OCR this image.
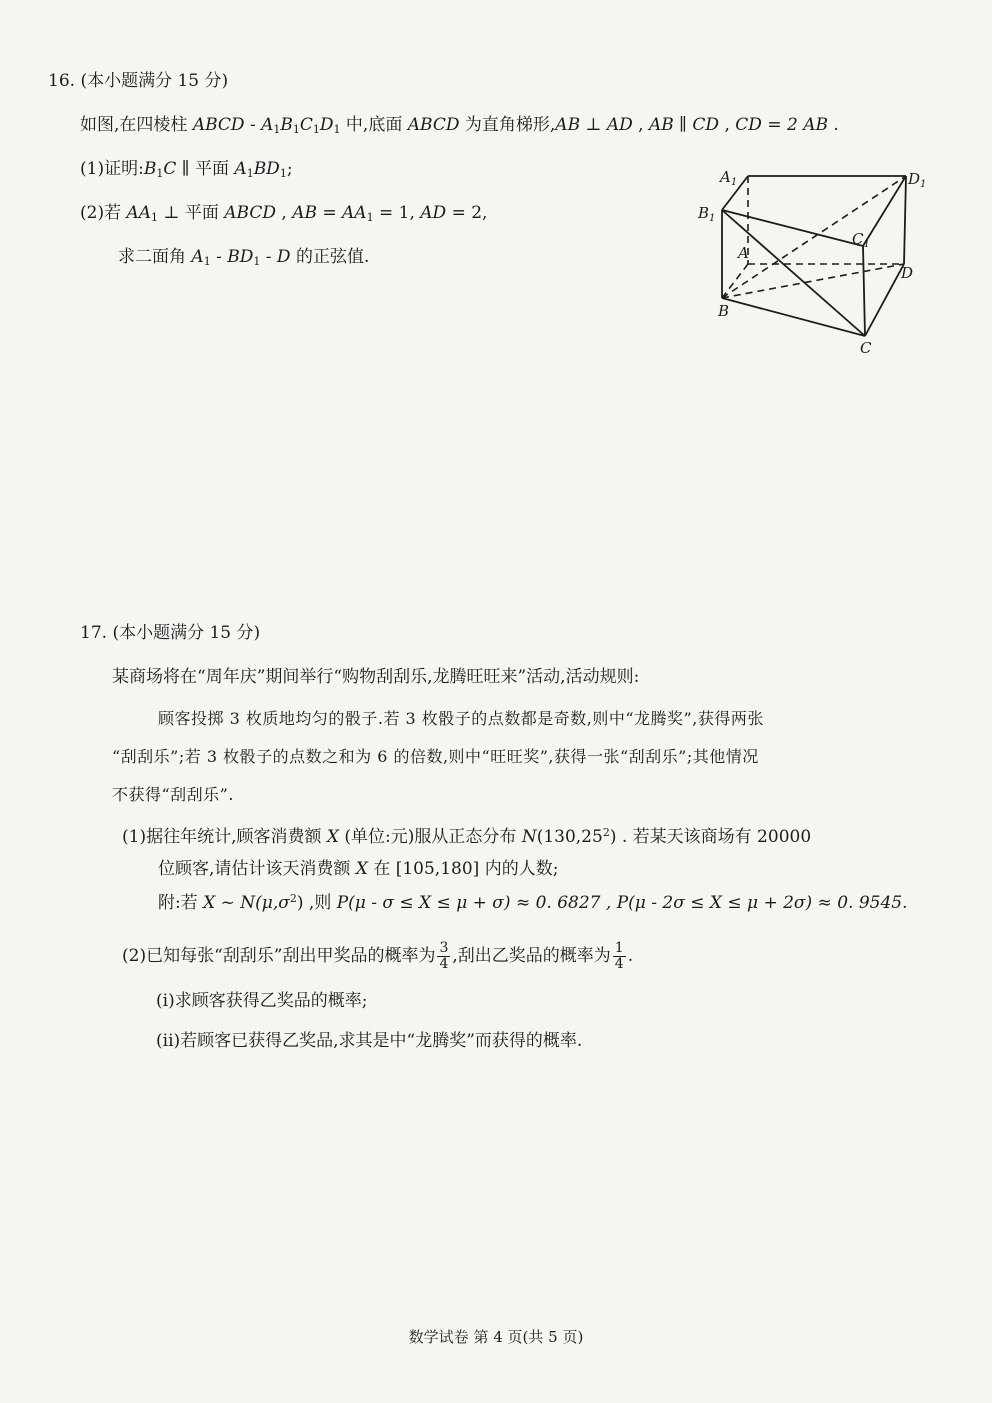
16. (本小题满分 15 分)
如图,在四棱柱 ABCD - $A_1B_1C_1D_1$ 中,底面 ABCD 为直角梯形,AB ⊥ AD , AB ∥ CD , CD = 2 AB .
(1)证明$:B_1C$ ∥ 平面 $A_1BD_1$;
(2)若 $AA_1$ ⊥ 平面 ABCD , AB = $AA_1 = 1$, AD = 2,
求二面角 $A_1 - BD_1$ - D 的正弦值.
$A_1$	$D_1$
$B_1$
$C_1$
A
D
B
C
17. (本小题满分 15 分)
某商场将在“周年庆”期间举行“购物刮刮乐,龙腾旺旺来”活动,活动规则:
顾客投掷 3 枚质地均匀的骰子.若 3 枚骰子的点数都是奇数,则中“龙腾奖”,获得两张
“刮刮乐”;若 3 枚骰子的点数之和为 6 的倍数,则中“旺旺奖”,获得一张“刮刮乐”;其他情况
不获得“刮刮乐”.
(1)据往年统计,顾客消费额 X (单位:元)服从正态分布 N(130,25$^2$) . 若某天该商场有 20000
位顾客,请估计该天消费额 X 在 [105,180] 内的人数;
附:若 X ~ $N(\mu,\sigma^2)$ ,则 P(μ - σ ≤ X ≤ μ + σ) ≈ 0. 6827 , P(μ - 2σ ≤ X ≤ μ + 2σ) ≈ 0. 9545.
(2)已知每张“刮刮乐”刮出甲奖品的概率为 $\frac{3}{4}$ ,刮出乙奖品的概率为 $\frac{1}{4}$ .
(i)求顾客获得乙奖品的概率;
(ii)若顾客已获得乙奖品,求其是中“龙腾奖”而获得的概率.
数学试卷 第 4 页(共 5 页)
